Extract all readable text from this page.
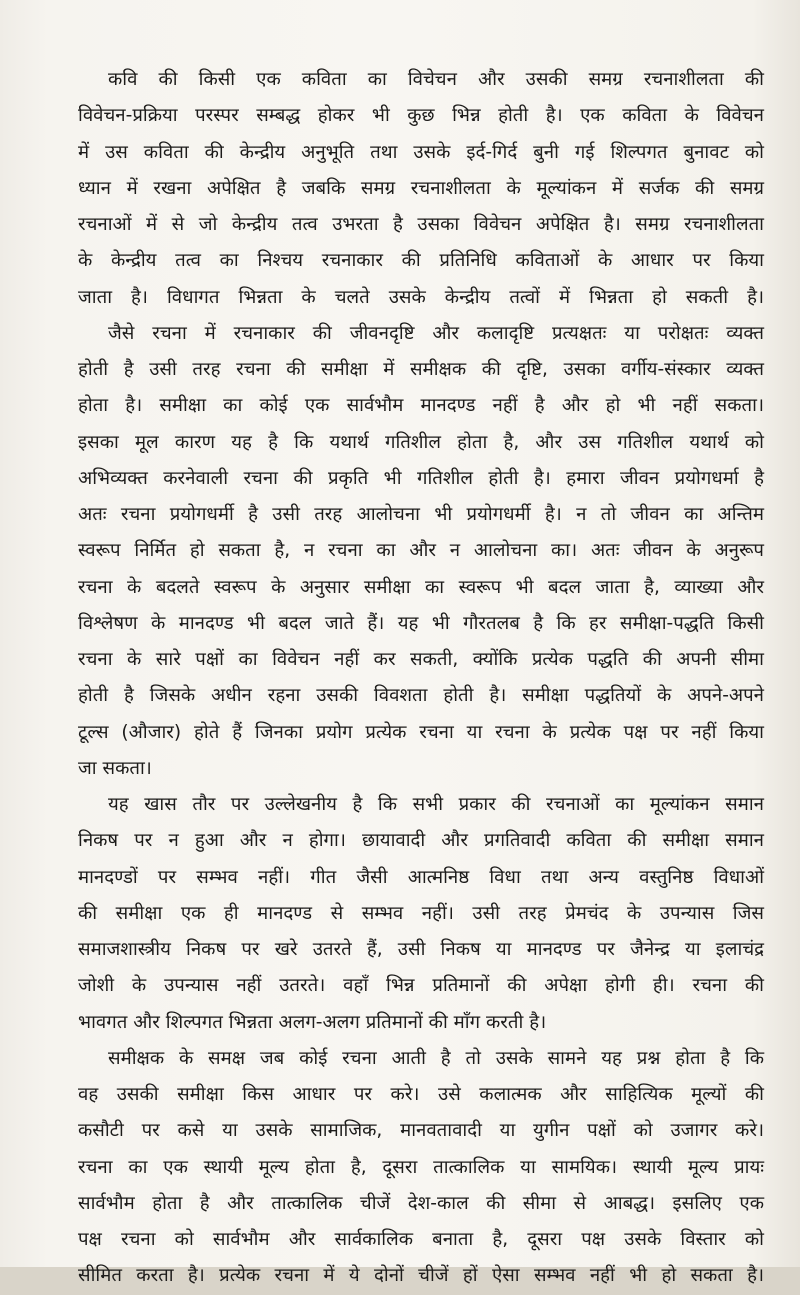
कवि की किसी एक कविता का विचेचन और उसकी समग्र रचनाशीलता की
विवेचन-प्रक्रिया परस्पर सम्बद्ध होकर भी कुछ भिन्न होती है। एक कविता के विवेचन
में उस कविता की केन्द्रीय अनुभूति तथा उसके इर्द-गिर्द बुनी गई शिल्पगत बुनावट को
ध्यान में रखना अपेक्षित है जबकि समग्र रचनाशीलता के मूल्यांकन में सर्जक की समग्र
रचनाओं में से जो केन्द्रीय तत्व उभरता है उसका विवेचन अपेक्षित है। समग्र रचनाशीलता
के केन्द्रीय तत्व का निश्चय रचनाकार की प्रतिनिधि कविताओं के आधार पर किया
जाता है। विधागत भिन्नता के चलते उसके केन्द्रीय तत्वों में भिन्नता हो सकती है।
जैसे रचना में रचनाकार की जीवनदृष्टि और कलादृष्टि प्रत्यक्षतः या परोक्षतः व्यक्त
होती है उसी तरह रचना की समीक्षा में समीक्षक की दृष्टि, उसका वर्गीय-संस्कार व्यक्त
होता है। समीक्षा का कोई एक सार्वभौम मानदण्ड नहीं है और हो भी नहीं सकता।
इसका मूल कारण यह है कि यथार्थ गतिशील होता है, और उस गतिशील यथार्थ को
अभिव्यक्त करनेवाली रचना की प्रकृति भी गतिशील होती है। हमारा जीवन प्रयोगधर्मा है
अतः रचना प्रयोगधर्मी है उसी तरह आलोचना भी प्रयोगधर्मी है। न तो जीवन का अन्तिम
स्वरूप निर्मित हो सकता है, न रचना का और न आलोचना का। अतः जीवन के अनुरूप
रचना के बदलते स्वरूप के अनुसार समीक्षा का स्वरूप भी बदल जाता है, व्याख्या और
विश्लेषण के मानदण्ड भी बदल जाते हैं। यह भी गौरतलब है कि हर समीक्षा-पद्धति किसी
रचना के सारे पक्षों का विवेचन नहीं कर सकती, क्योंकि प्रत्येक पद्धति की अपनी सीमा
होती है जिसके अधीन रहना उसकी विवशता होती है। समीक्षा पद्धतियों के अपने-अपने
टूल्स (औजार) होते हैं जिनका प्रयोग प्रत्येक रचना या रचना के प्रत्येक पक्ष पर नहीं किया
जा सकता।
यह खास तौर पर उल्लेखनीय है कि सभी प्रकार की रचनाओं का मूल्यांकन समान
निकष पर न हुआ और न होगा। छायावादी और प्रगतिवादी कविता की समीक्षा समान
मानदण्डों पर सम्भव नहीं। गीत जैसी आत्मनिष्ठ विधा तथा अन्य वस्तुनिष्ठ विधाओं
की समीक्षा एक ही मानदण्ड से सम्भव नहीं। उसी तरह प्रेमचंद के उपन्यास जिस
समाजशास्त्रीय निकष पर खरे उतरते हैं, उसी निकष या मानदण्ड पर जैनेन्द्र या इलाचंद्र
जोशी के उपन्यास नहीं उतरते। वहाँ भिन्न प्रतिमानों की अपेक्षा होगी ही। रचना की
भावगत और शिल्पगत भिन्नता अलग-अलग प्रतिमानों की माँग करती है।
समीक्षक के समक्ष जब कोई रचना आती है तो उसके सामने यह प्रश्न होता है कि
वह उसकी समीक्षा किस आधार पर करे। उसे कलात्मक और साहित्यिक मूल्यों की
कसौटी पर कसे या उसके सामाजिक, मानवतावादी या युगीन पक्षों को उजागर करे।
रचना का एक स्थायी मूल्य होता है, दूसरा तात्कालिक या सामयिक। स्थायी मूल्य प्रायः
सार्वभौम होता है और तात्कालिक चीजें देश-काल की सीमा से आबद्ध। इसलिए एक
पक्ष रचना को सार्वभौम और सार्वकालिक बनाता है, दूसरा पक्ष उसके विस्तार को
सीमित करता है। प्रत्येक रचना में ये दोनों चीजें हों ऐसा सम्भव नहीं भी हो सकता है।
